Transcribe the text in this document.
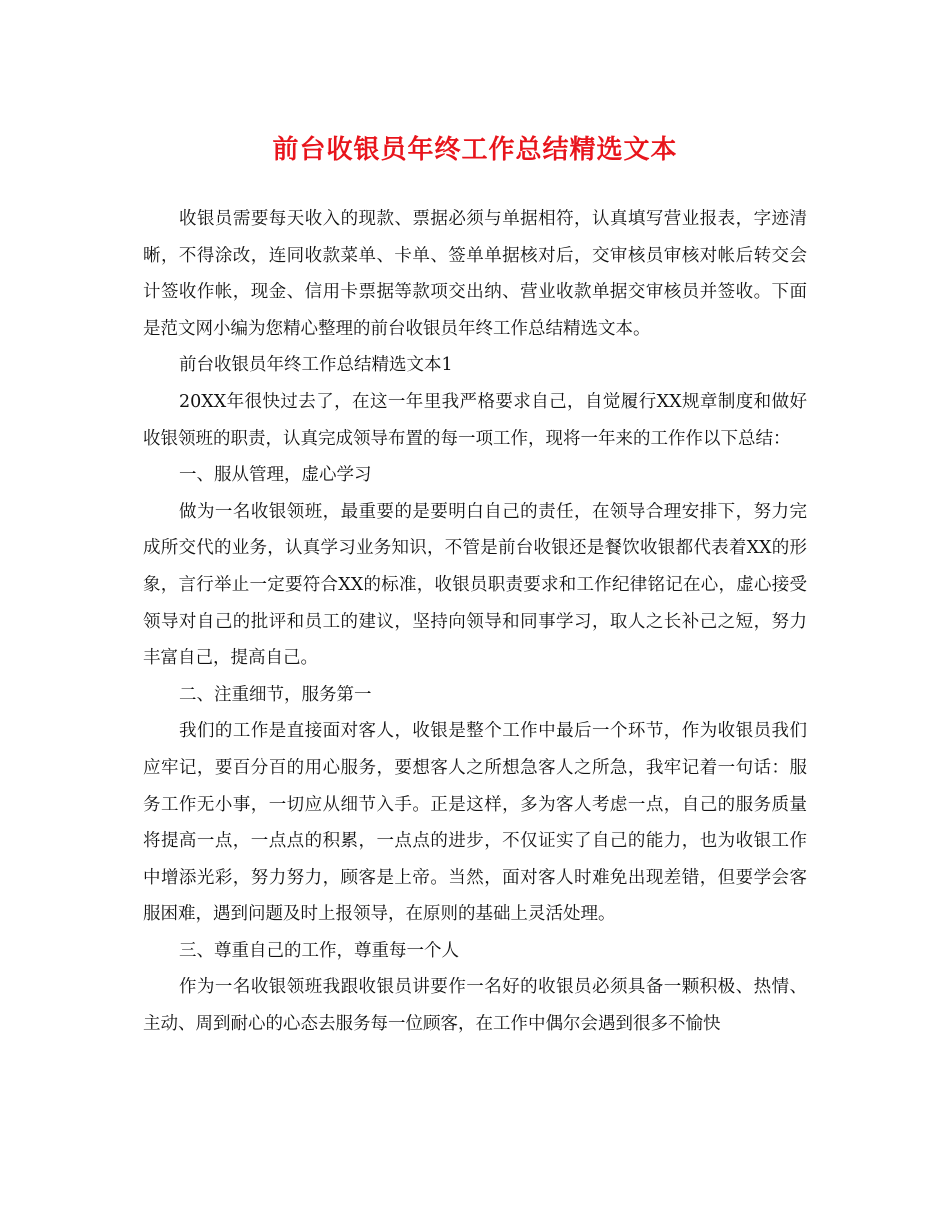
前台收银员年终工作总结精选文本

收银员需要每天收入的现款、票据必须与单据相符，认真填写营业报表，字迹清晰，不得涂改，连同收款菜单、卡单、签单单据核对后，交审核员审核对帐后转交会计签收作帐，现金、信用卡票据等款项交出纳、营业收款单据交审核员并签收。下面是范文网小编为您精心整理的前台收银员年终工作总结精选文本。

前台收银员年终工作总结精选文本1

20XX年很快过去了，在这一年里我严格要求自己，自觉履行XX规章制度和做好收银领班的职责，认真完成领导布置的每一项工作，现将一年来的工作作以下总结：

一、服从管理，虚心学习

做为一名收银领班，最重要的是要明白自己的责任，在领导合理安排下，努力完成所交代的业务，认真学习业务知识，不管是前台收银还是餐饮收银都代表着XX的形象，言行举止一定要符合XX的标准，收银员职责要求和工作纪律铭记在心，虚心接受领导对自己的批评和员工的建议，坚持向领导和同事学习，取人之长补己之短，努力丰富自己，提高自己。

二、注重细节，服务第一

我们的工作是直接面对客人，收银是整个工作中最后一个环节，作为收银员我们应牢记，要百分百的用心服务，要想客人之所想急客人之所急，我牢记着一句话：服务工作无小事，一切应从细节入手。正是这样，多为客人考虑一点，自己的服务质量将提高一点，一点点的积累，一点点的进步，不仅证实了自己的能力，也为收银工作中增添光彩，努力努力，顾客是上帝。当然，面对客人时难免出现差错，但要学会客服困难，遇到问题及时上报领导，在原则的基础上灵活处理。

三、尊重自己的工作，尊重每一个人

作为一名收银领班我跟收银员讲要作一名好的收银员必须具备一颗积极、热情、主动、周到耐心的心态去服务每一位顾客，在工作中偶尔会遇到很多不愉快
